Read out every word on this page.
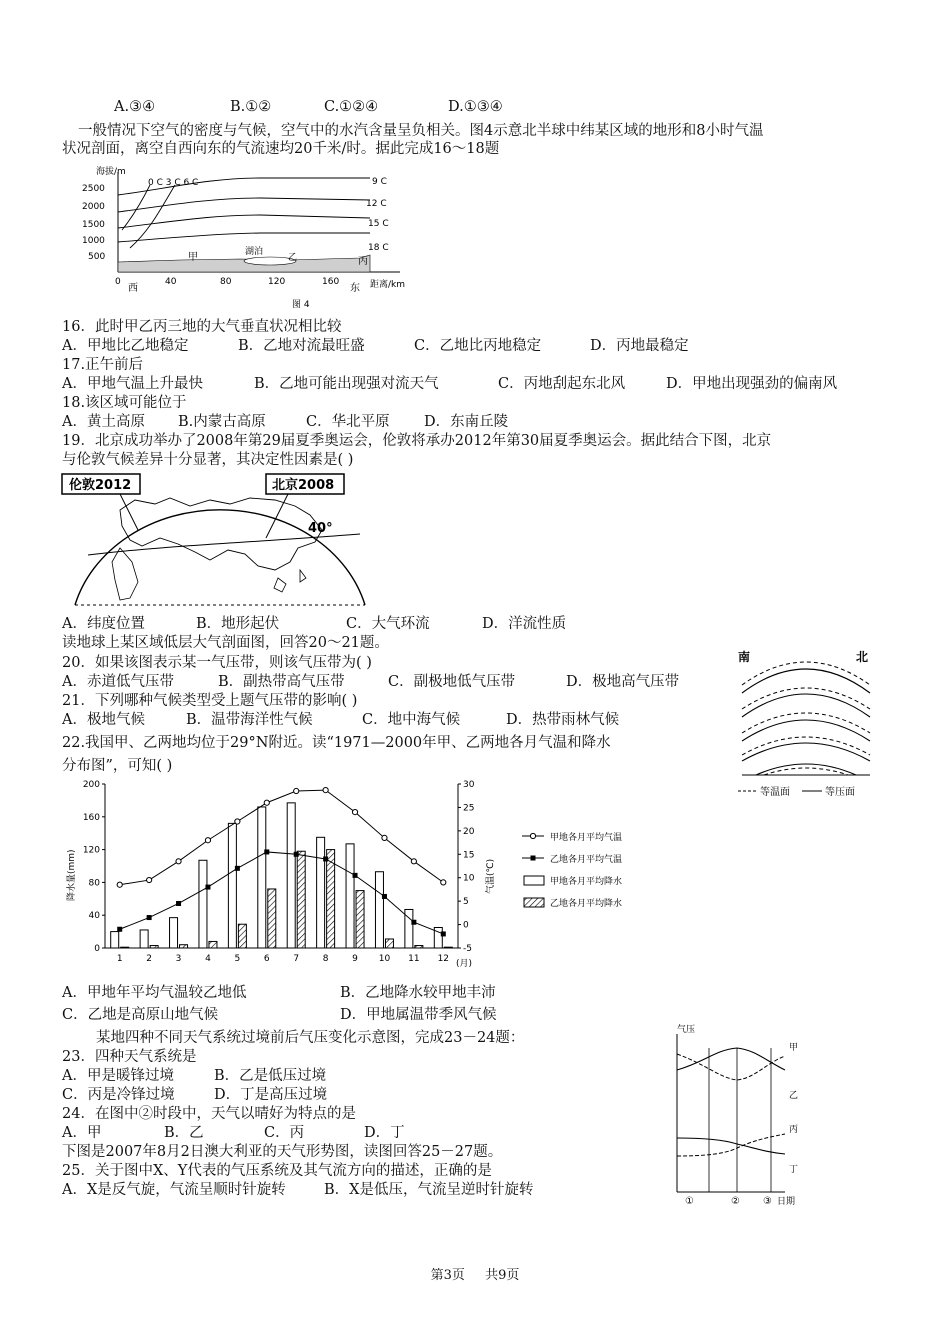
A.③④	B.①②	C.①②④	D.①③④
一般情况下空气的密度与气候，空气中的水汽含量呈负相关。图4示意北半球中纬某区域的地形和8小时气温
状况剖面，离空自西向东的气流速均20千米/时。据此完成16～18题
海拔/m
2500
2000
1500
1000
500
0	40	80	120	160
西	东 距离/km
0 C 3 C 6 C	9 C
12 C
15 C
18 C
甲	湖泊
乙	丙
图 4
16．此时甲乙丙三地的大气垂直状况相比较
A．甲地比乙地稳定	B．乙地对流最旺盛	C．乙地比丙地稳定	D．丙地最稳定
17.正午前后
A．甲地气温上升最快	B．乙地可能出现强对流天气	C．丙地刮起东北风	D．甲地出现强劲的偏南风
18.该区域可能位于
A．黄土高原 B.内蒙古高原	C．华北平原 D．东南丘陵
19．北京成功举办了2008年第29届夏季奥运会，伦敦将承办2012年第30届夏季奥运会。据此结合下图，北京
与伦敦气候差异十分显著，其决定性因素是( )
伦敦2012	北京2008
40°
A．纬度位置	B．地形起伏	C．大气环流	D．洋流性质
读地球上某区域低层大气剖面图，回答20～21题。
20．如果该图表示某一气压带，则该气压带为( )
A．赤道低气压带	B．副热带高气压带	C．副极地低气压带	D．极地高气压带
21．下列哪种气候类型受上题气压带的影响( )
A．极地气候	B．温带海洋性气候	C．地中海气候	D．热带雨林气候
南	北
等温面	等压面
22.我国甲、乙两地均位于29°N附近。读“1971—2000年甲、乙两地各月气温和降水
分布图”，可知( )
0
40
80
120
160
200
-5
0
5
10
15
20
25
30
1	2	3	4	5	6	7	8	9 10 11 12
降水量(mm)	气温(℃)
(月)
甲地各月平均气温
乙地各月平均气温
甲地各月平均降水
乙地各月平均降水
A．甲地年平均气温较乙地低	B．乙地降水较甲地丰沛
C．乙地是高原山地气候	D．甲地属温带季风气候
某地四种不同天气系统过境前后气压变化示意图，完成23－24题：
23．四种天气系统是
A．甲是暖锋过境	B．乙是低压过境
C．丙是冷锋过境	D．丁是高压过境
24．在图中②时段中，天气以晴好为特点的是
A．甲	B．乙	C．丙	D．丁
下图是2007年8月2日澳大利亚的天气形势图，读图回答25－27题。
25．关于图中X、Y代表的气压系统及其气流方向的描述，正确的是
A．X是反气旋，气流呈顺时针旋转	B．X是低压，气流呈逆时针旋转
气压
甲
乙
丙
丁
①	② ③ 日期
第3页 共9页
